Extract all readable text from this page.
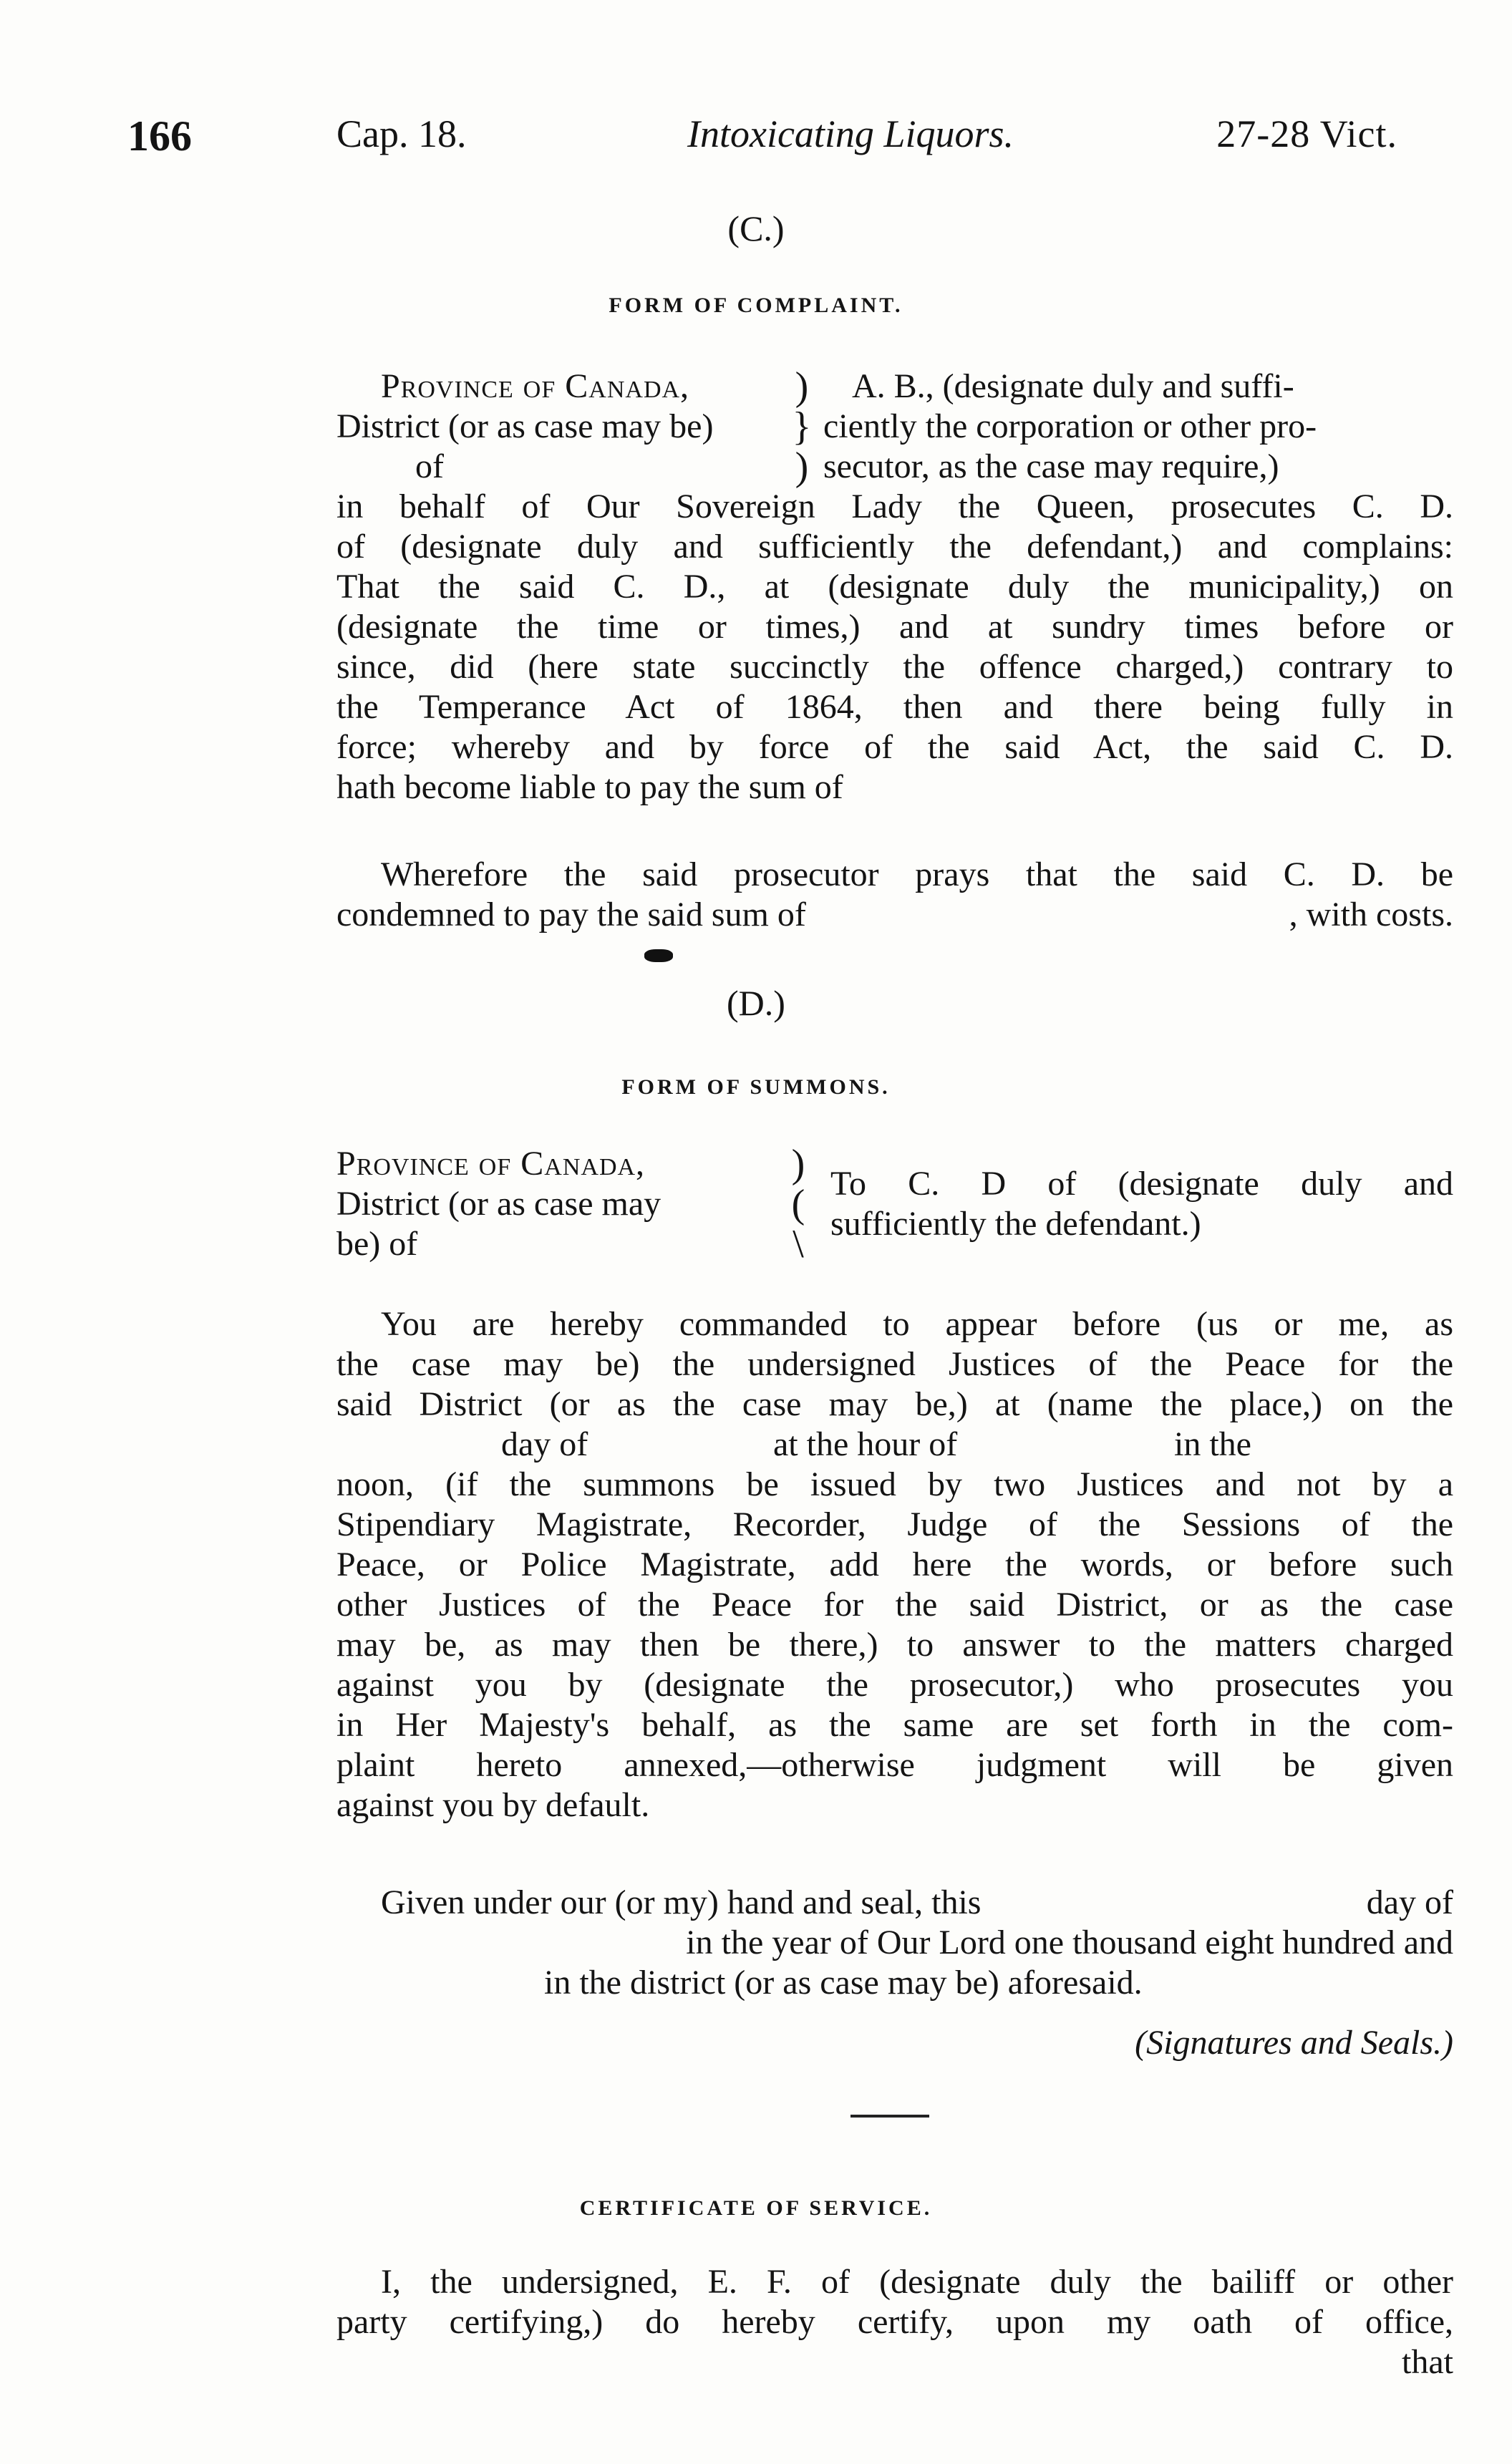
166	Cap. 18.	Intoxicating Liquors.	27-28 Vict.
(C.)
FORM OF COMPLAINT.
Province of Canada,
District (or as case may be)
of
)
}
)
A. B., (designate duly and suffi-
ciently the corporation or other pro-
secutor, as the case may require,)
in behalf of Our Sovereign Lady the Queen, prosecutes C. D.
of (designate duly and sufficiently the defendant,) and complains:
That the said C. D., at (designate duly the municipality,) on
(designate the time or times,) and at sundry times before or
since, did (here state succinctly the offence charged,) contrary to
the Temperance Act of 1864, then and there being fully in
force; whereby and by force of the said Act, the said C. D.
hath become liable to pay the sum of
Wherefore the said prosecutor prays that the said C. D. be
condemned to pay the said sum of	, with costs.
(D.)
FORM OF SUMMONS.
Province of Canada,
District (or as case may
be) of
)
(
\
To C. D of (designate duly and
sufficiently the defendant.)
You are hereby commanded to appear before (us or me, as
the case may be) the undersigned Justices of the Peace for the
said District (or as the case may be,) at (name the place,) on the
day of	at the hour of	in the
noon, (if the summons be issued by two Justices and not by a
Stipendiary Magistrate, Recorder, Judge of the Sessions of the
Peace, or Police Magistrate, add here the words, or before such
other Justices of the Peace for the said District, or as the case
may be, as may then be there,) to answer to the matters charged
against you by (designate the prosecutor,) who prosecutes you
in Her Majesty's behalf, as the same are set forth in the com-
plaint hereto annexed,—otherwise judgment will be given
against you by default.
Given under our (or my) hand and seal, this	day of
in the year of Our Lord one thousand eight hundred and
in the district (or as case may be) aforesaid.
(Signatures and Seals.)
CERTIFICATE OF SERVICE.
I, the undersigned, E. F. of (designate duly the bailiff or other
party certifying,) do hereby certify, upon my oath of office,
that
